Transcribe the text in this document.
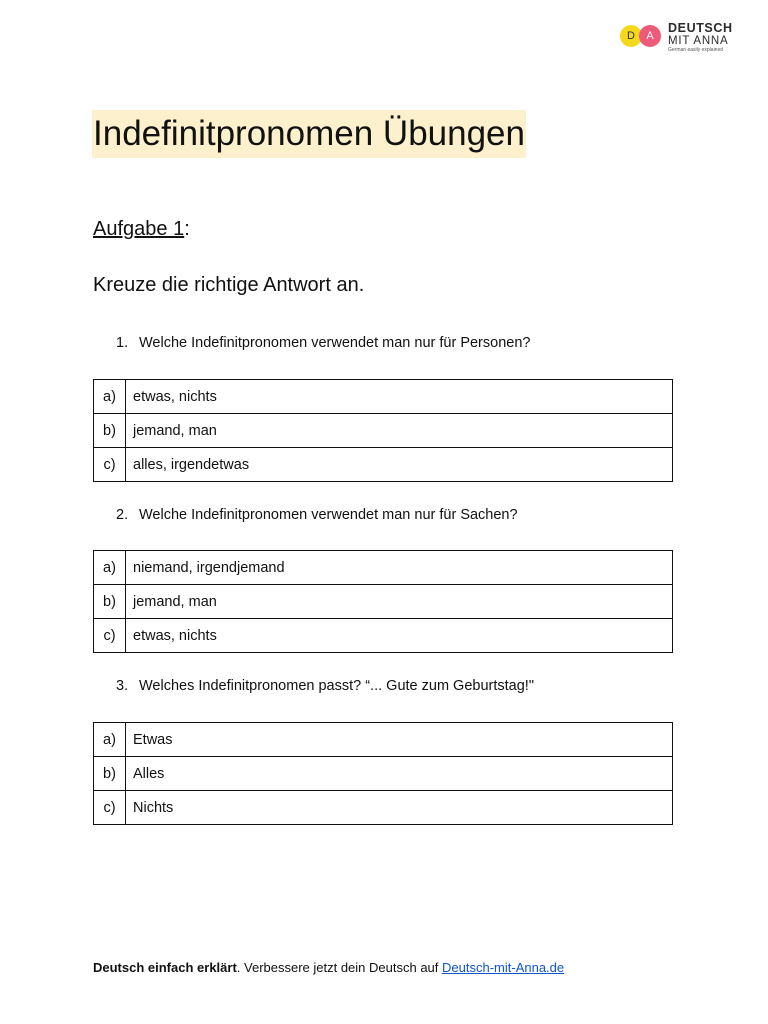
D	A
DEUTSCH
MIT ANNA
German easily explained
Indefinitpronomen Übungen
Aufgabe 1:
Kreuze die richtige Antwort an.
1. Welche Indefinitpronomen verwendet man nur für Personen?
a)	etwas, nichts
b)	jemand, man
c)	alles, irgendetwas
2. Welche Indefinitpronomen verwendet man nur für Sachen?
a)	niemand, irgendjemand
b)	jemand, man
c)	etwas, nichts
3. Welches Indefinitpronomen passt? “... Gute zum Geburtstag!"
a)	Etwas
b)	Alles
c)	Nichts
Deutsch einfach erklärt. Verbessere jetzt dein Deutsch auf Deutsch-mit-Anna.de
